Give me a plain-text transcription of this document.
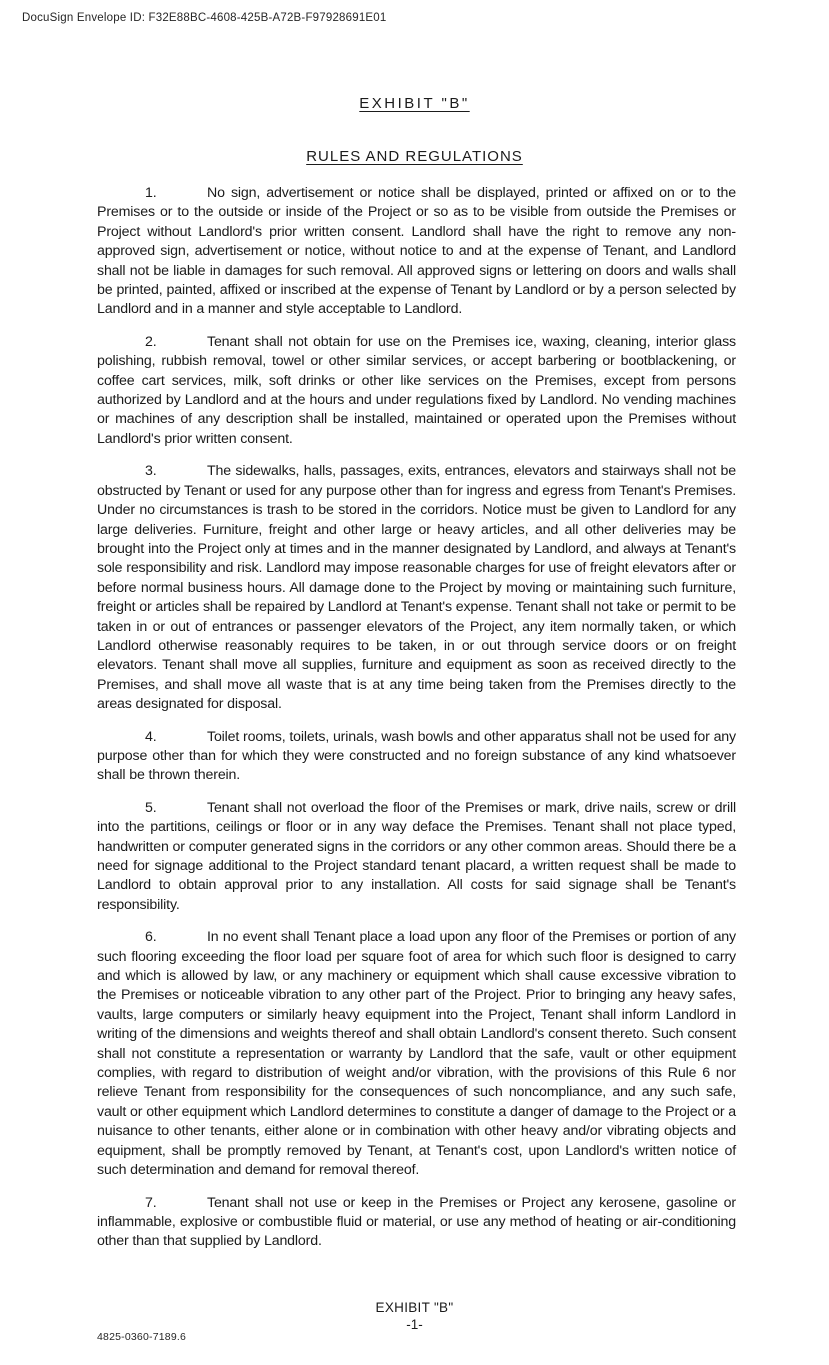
DocuSign Envelope ID: F32E88BC-4608-425B-A72B-F97928691E01
EXHIBIT "B"
RULES AND REGULATIONS

1.	No sign, advertisement or notice shall be displayed, printed or affixed on or to the Premises or to the outside or inside of the Project or so as to be visible from outside the Premises or Project without Landlord's prior written consent. Landlord shall have the right to remove any non-approved sign, advertisement or notice, without notice to and at the expense of Tenant, and Landlord shall not be liable in damages for such removal. All approved signs or lettering on doors and walls shall be printed, painted, affixed or inscribed at the expense of Tenant by Landlord or by a person selected by Landlord and in a manner and style acceptable to Landlord.

2.	Tenant shall not obtain for use on the Premises ice, waxing, cleaning, interior glass polishing, rubbish removal, towel or other similar services, or accept barbering or bootblackening, or coffee cart services, milk, soft drinks or other like services on the Premises, except from persons authorized by Landlord and at the hours and under regulations fixed by Landlord. No vending machines or machines of any description shall be installed, maintained or operated upon the Premises without Landlord's prior written consent.

3.	The sidewalks, halls, passages, exits, entrances, elevators and stairways shall not be obstructed by Tenant or used for any purpose other than for ingress and egress from Tenant's Premises. Under no circumstances is trash to be stored in the corridors. Notice must be given to Landlord for any large deliveries. Furniture, freight and other large or heavy articles, and all other deliveries may be brought into the Project only at times and in the manner designated by Landlord, and always at Tenant's sole responsibility and risk. Landlord may impose reasonable charges for use of freight elevators after or before normal business hours. All damage done to the Project by moving or maintaining such furniture, freight or articles shall be repaired by Landlord at Tenant's expense. Tenant shall not take or permit to be taken in or out of entrances or passenger elevators of the Project, any item normally taken, or which Landlord otherwise reasonably requires to be taken, in or out through service doors or on freight elevators. Tenant shall move all supplies, furniture and equipment as soon as received directly to the Premises, and shall move all waste that is at any time being taken from the Premises directly to the areas designated for disposal.

4.	Toilet rooms, toilets, urinals, wash bowls and other apparatus shall not be used for any purpose other than for which they were constructed and no foreign substance of any kind whatsoever shall be thrown therein.

5.	Tenant shall not overload the floor of the Premises or mark, drive nails, screw or drill into the partitions, ceilings or floor or in any way deface the Premises. Tenant shall not place typed, handwritten or computer generated signs in the corridors or any other common areas. Should there be a need for signage additional to the Project standard tenant placard, a written request shall be made to Landlord to obtain approval prior to any installation. All costs for said signage shall be Tenant's responsibility.

6.	In no event shall Tenant place a load upon any floor of the Premises or portion of any such flooring exceeding the floor load per square foot of area for which such floor is designed to carry and which is allowed by law, or any machinery or equipment which shall cause excessive vibration to the Premises or noticeable vibration to any other part of the Project. Prior to bringing any heavy safes, vaults, large computers or similarly heavy equipment into the Project, Tenant shall inform Landlord in writing of the dimensions and weights thereof and shall obtain Landlord's consent thereto. Such consent shall not constitute a representation or warranty by Landlord that the safe, vault or other equipment complies, with regard to distribution of weight and/or vibration, with the provisions of this Rule 6 nor relieve Tenant from responsibility for the consequences of such noncompliance, and any such safe, vault or other equipment which Landlord determines to constitute a danger of damage to the Project or a nuisance to other tenants, either alone or in combination with other heavy and/or vibrating objects and equipment, shall be promptly removed by Tenant, at Tenant's cost, upon Landlord's written notice of such determination and demand for removal thereof.

7.	Tenant shall not use or keep in the Premises or Project any kerosene, gasoline or inflammable, explosive or combustible fluid or material, or use any method of heating or air-conditioning other than that supplied by Landlord.

EXHIBIT "B"
-1-
4825-0360-7189.6
